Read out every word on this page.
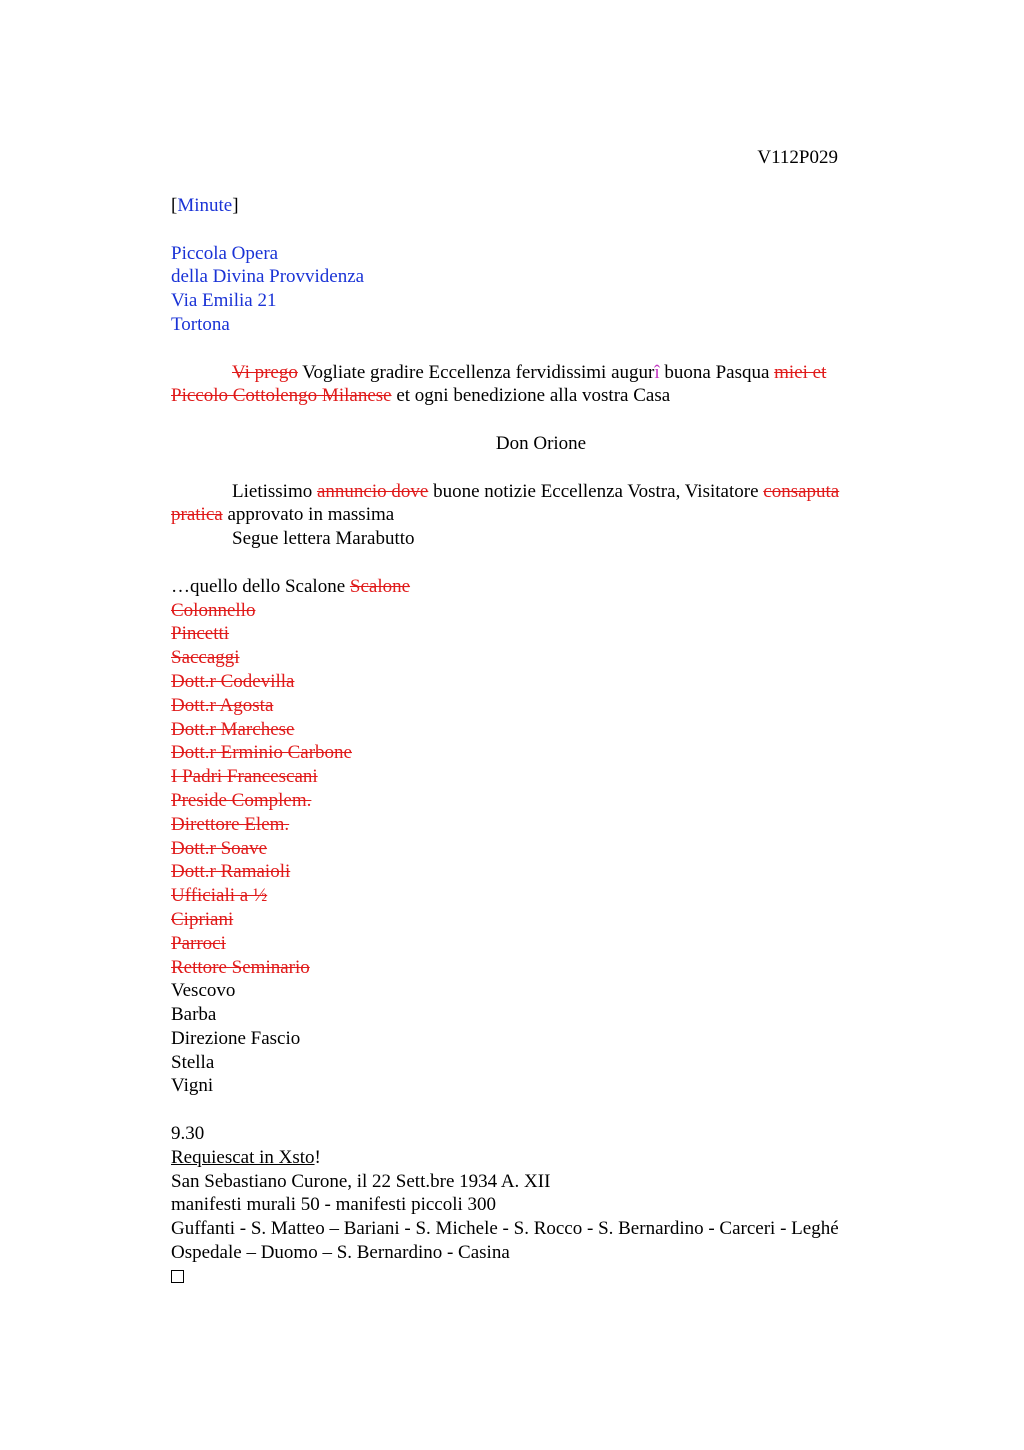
V112P029
[Minute]
Piccola Opera
della Divina Provvidenza
Via Emilia 21
Tortona
Vi prego Vogliate gradire Eccellenza fervidissimi augurî buona Pasqua miei et
Piccolo Cottolengo Milanese et ogni benedizione alla vostra Casa
Don Orione
Lietissimo annuncio dove buone notizie Eccellenza Vostra, Visitatore consaputa
pratica approvato in massima
Segue lettera Marabutto
…quello dello Scalone Scalone
Colonnello
Pincetti
Saccaggi
Dott.r Codevilla
Dott.r Agosta
Dott.r Marchese
Dott.r Erminio Carbone
I Padri Francescani
Preside Complem.
Direttore Elem.
Dott.r Soave
Dott.r Ramaioli
Ufficiali a ½
Cipriani
Parroci
Rettore Seminario
Vescovo
Barba
Direzione Fascio
Stella
Vigni
9.30
Requiescat in Xsto!
San Sebastiano Curone, il 22 Sett.bre 1934 A. XII
manifesti murali 50 - manifesti piccoli 300
Guffanti - S. Matteo – Bariani - S. Michele - S. Rocco - S. Bernardino - Carceri - Leghé
Ospedale – Duomo – S. Bernardino - Casina
